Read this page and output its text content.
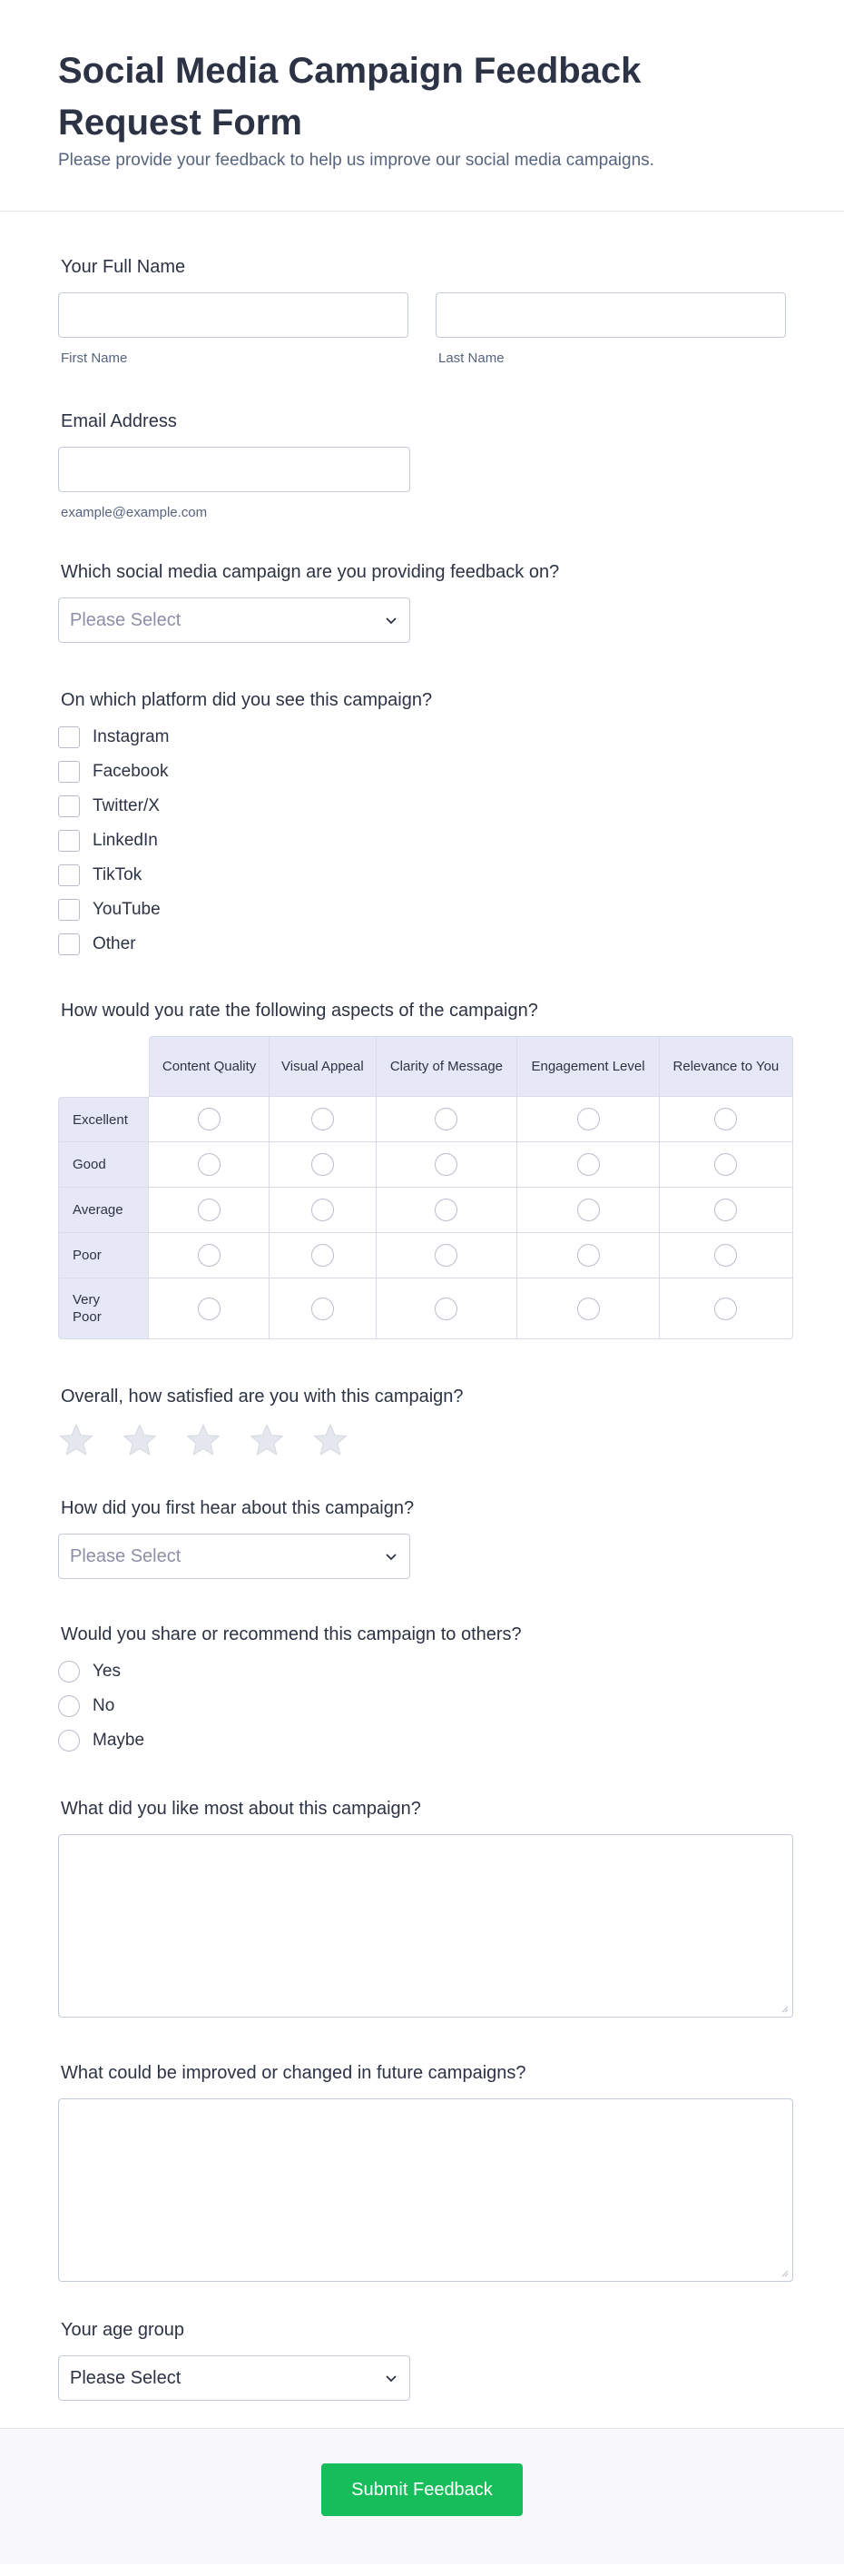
Social Media Campaign Feedback Request Form

Please provide your feedback to help us improve our social media campaigns.

Your Full Name
First Name	Last Name
Email Address
example@example.com
Which social media campaign are you providing feedback on?
Please Select
On which platform did you see this campaign?
Instagram
Facebook
Twitter/X
LinkedIn
TikTok
YouTube
Other
How would you rate the following aspects of the campaign?
	Content Quality	Visual Appeal	Clarity of Message	Engagement Level	Relevance to You
Excellent					
Good					
Average					
Poor					
Very Poor					
Overall, how satisfied are you with this campaign?
How did you first hear about this campaign?
Please Select
Would you share or recommend this campaign to others?
Yes
No
Maybe
What did you like most about this campaign?
What could be improved or changed in future campaigns?
Your age group
Please Select
Submit Feedback
